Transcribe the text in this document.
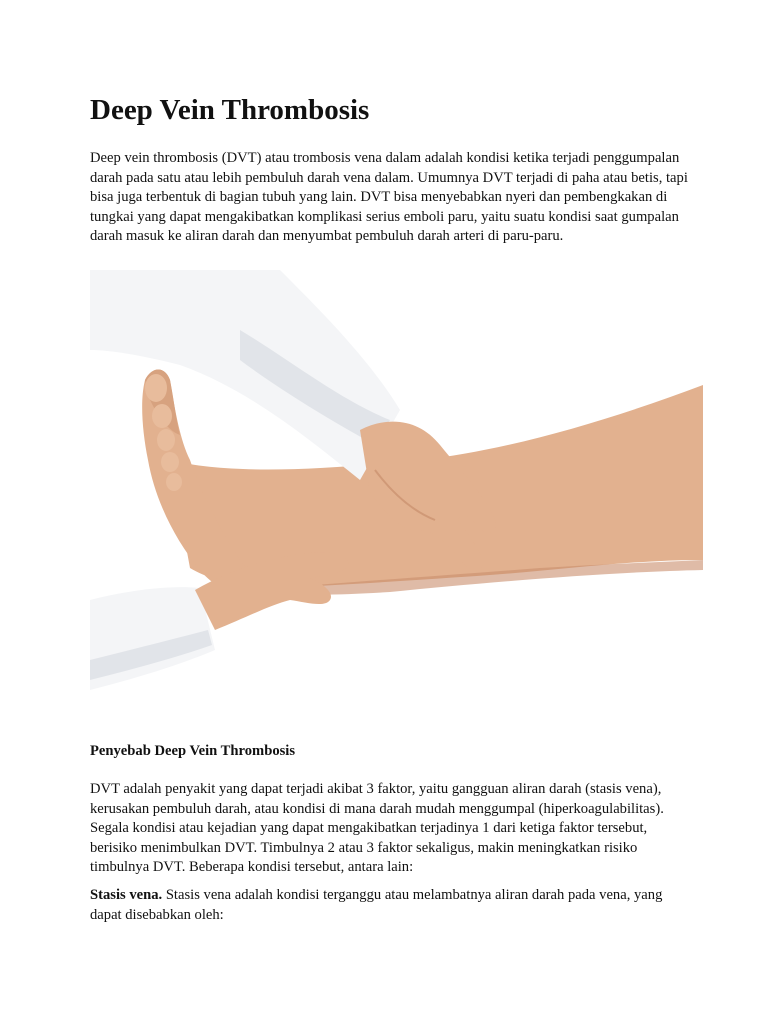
Deep Vein Thrombosis

Deep vein thrombosis (DVT) atau trombosis vena dalam adalah kondisi ketika terjadi penggumpalan darah pada satu atau lebih pembuluh darah vena dalam. Umumnya DVT terjadi di paha atau betis, tapi bisa juga terbentuk di bagian tubuh yang lain. DVT bisa menyebabkan nyeri dan pembengkakan di tungkai yang dapat mengakibatkan komplikasi serius emboli paru, yaitu suatu kondisi saat gumpalan darah masuk ke aliran darah dan menyumbat pembuluh darah arteri di paru-paru.

Penyebab Deep Vein Thrombosis

DVT adalah penyakit yang dapat terjadi akibat 3 faktor, yaitu gangguan aliran darah (stasis vena), kerusakan pembuluh darah, atau kondisi di mana darah mudah menggumpal (hiperkoagulabilitas). Segala kondisi atau kejadian yang dapat mengakibatkan terjadinya 1 dari ketiga faktor tersebut, berisiko menimbulkan DVT. Timbulnya 2 atau 3 faktor sekaligus, makin meningkatkan risiko timbulnya DVT. Beberapa kondisi tersebut, antara lain:

Stasis vena. Stasis vena adalah kondisi terganggu atau melambatnya aliran darah pada vena, yang dapat disebabkan oleh:
